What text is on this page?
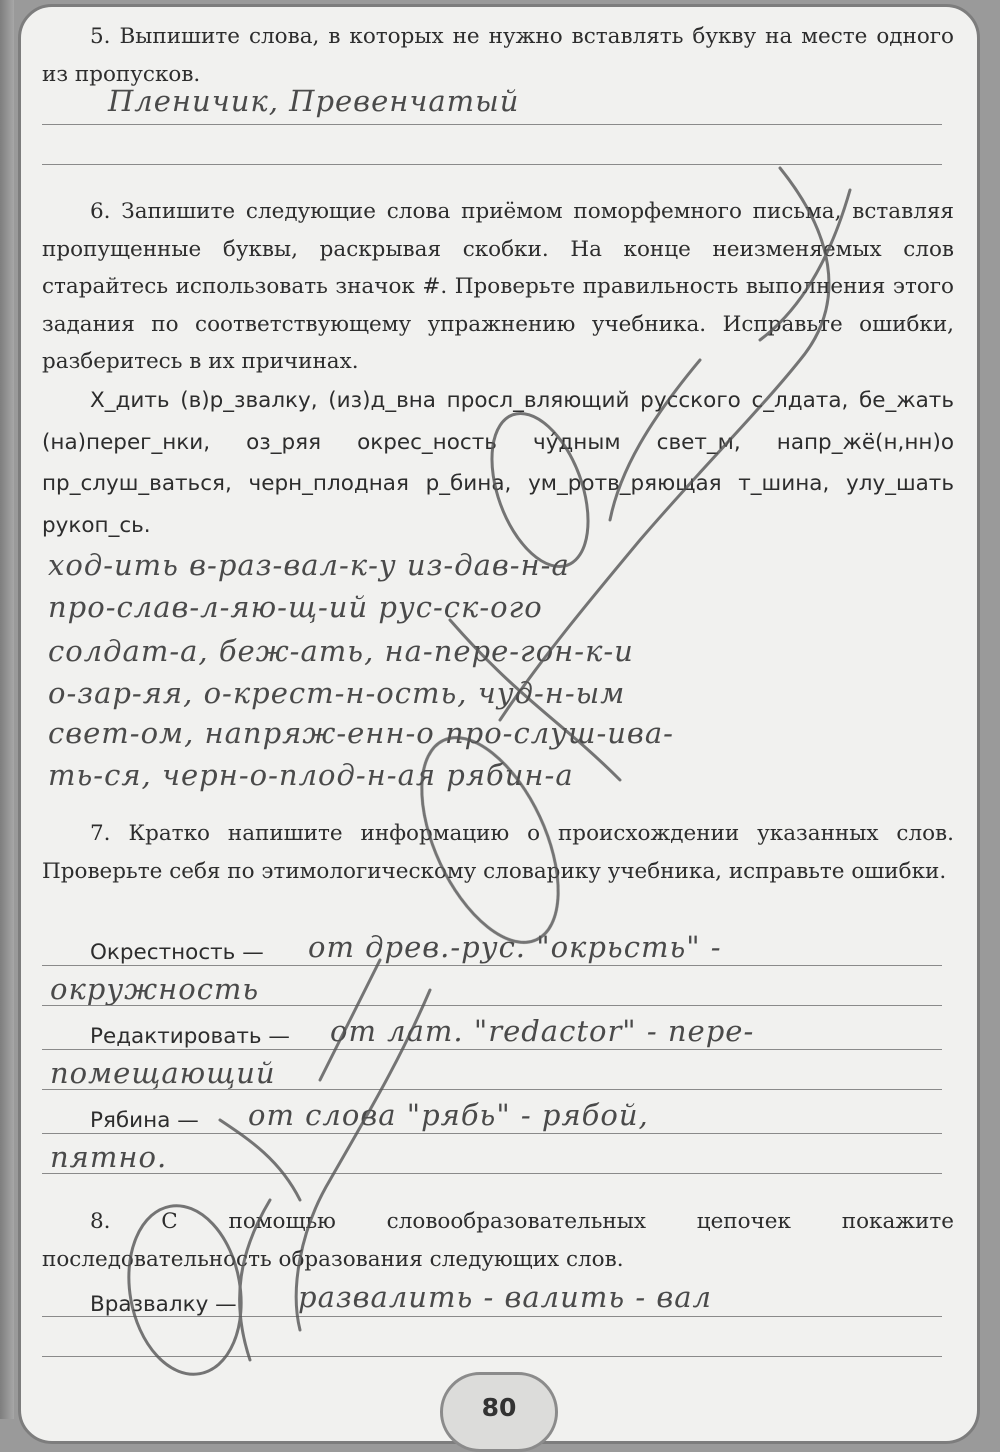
5. Выпишите слова, в которых не нужно вставлять букву на месте одного из пропусков.
Пленичик, Превенчатый
6. Запишите следующие слова приёмом поморфемного письма, вставляя пропущенные буквы, раскрывая скобки. На конце неизменяемых слов старайтесь использовать значок #. Проверьте правильность выполнения этого задания по соответствующему упражнению учебника. Исправьте ошибки, разберитесь в их причинах.
Х_дить (в)р_звалку, (из)д_вна просл_вляющий русского с_лдата, бе_жать (на)перег_нки, оз_ряя окрес_ность чу́дным свет_м, напр_жё(н,нн)о пр_слуш_ваться, черн_плодная р_бина, ум_ротв_ряющая т_шина, улу_шать рукоп_сь.
ход-ить в-раз-вал-к-у из-дав-н-а
про-слав-л-яю-щ-ий рус-ск-ого
солдат-а, беж-ать, на-пере-гон-к-и
о-зар-яя, о-крест-н-ость, чуд-н-ым
свет-ом, напряж-енн-о про-слуш-ива-
ть-ся, черн-о-плод-н-ая рябин-а
7. Кратко напишите информацию о происхождении указанных слов. Проверьте себя по этимологическому словарику учебника, исправьте ошибки.
Окрестность — от древ.-рус. "окрьсть" -
окружность
Редактировать — от лат. "redactor" - пере-
помещающий
Рябина — от слова "рябь" - рябой,
пятно.
8. С помощью словообразовательных цепочек покажите последовательность образования следующих слов.
Вразвалку — развалить - валить - вал
80
